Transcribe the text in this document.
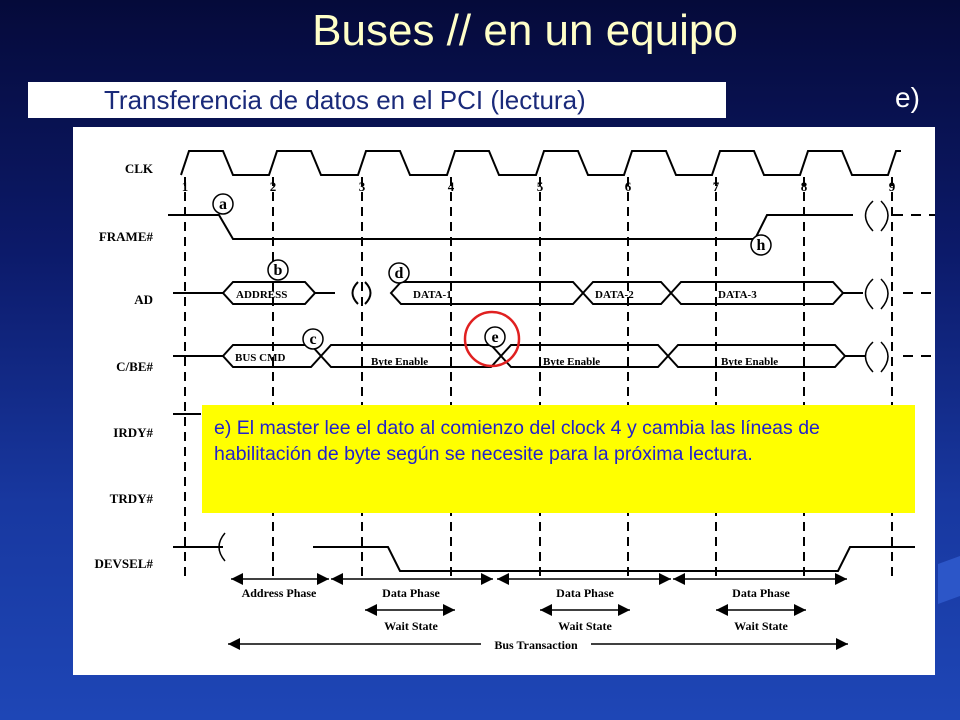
Buses // en un equipo
Transferencia de datos en el PCI (lectura)	e)
CLK
FRAME#
AD
C/BE#
IRDY#
TRDY#
DEVSEL#
1	2	3	4	5	6	7	8	9
ADDRESS	DATA-1	DATA-2	DATA-3
BUS CMD	Byte Enable	Byte Enable	Byte Enable
a
b
c
d
e
h
Address Phase	Data Phase	Data Phase	Data Phase
Wait State	Wait State	Wait State
Bus Transaction
e) El master lee el dato al comienzo del clock 4 y cambia las líneas de habilitación de byte según se necesite para la próxima lectura.
